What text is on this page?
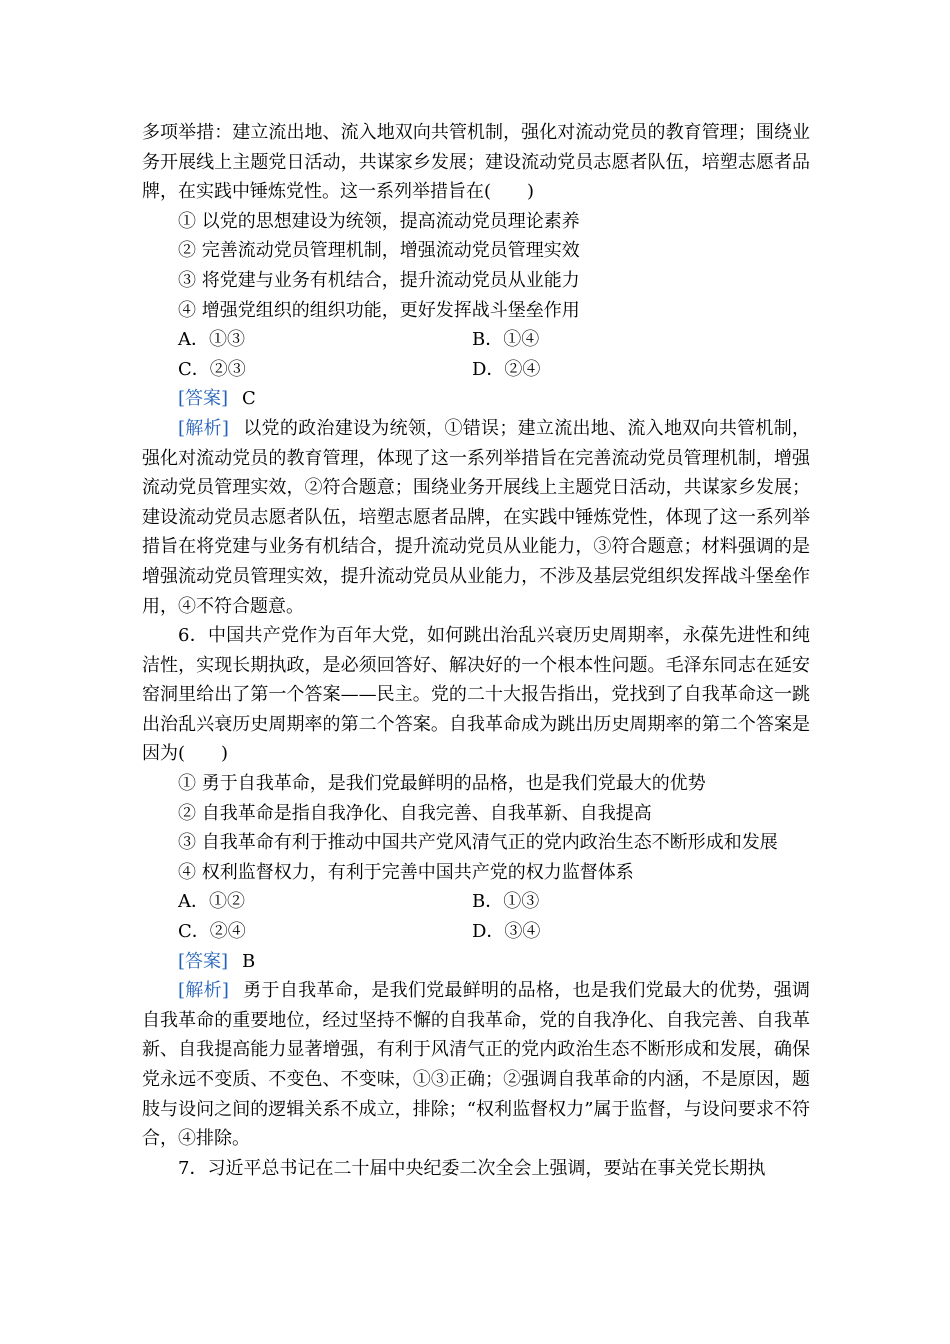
多项举措：建立流出地、流入地双向共管机制，强化对流动党员的教育管理；围绕业务开展线上主题党日活动，共谋家乡发展；建设流动党员志愿者队伍，培塑志愿者品牌，在实践中锤炼党性。这一系列举措旨在(　　)

① 以党的思想建设为统领，提高流动党员理论素养

② 完善流动党员管理机制，增强流动党员管理实效

③ 将党建与业务有机结合，提升流动党员从业能力

④ 增强党组织的组织功能，更好发挥战斗堡垒作用

A．①③	B．①④
C．②③	D．②④

[答案] C

[解析] 以党的政治建设为统领，①错误；建立流出地、流入地双向共管机制，强化对流动党员的教育管理，体现了这一系列举措旨在完善流动党员管理机制，增强流动党员管理实效，②符合题意；围绕业务开展线上主题党日活动，共谋家乡发展；建设流动党员志愿者队伍，培塑志愿者品牌，在实践中锤炼党性，体现了这一系列举措旨在将党建与业务有机结合，提升流动党员从业能力，③符合题意；材料强调的是增强流动党员管理实效，提升流动党员从业能力，不涉及基层党组织发挥战斗堡垒作用，④不符合题意。

6．中国共产党作为百年大党，如何跳出治乱兴衰历史周期率，永葆先进性和纯洁性，实现长期执政，是必须回答好、解决好的一个根本性问题。毛泽东同志在延安窑洞里给出了第一个答案——民主。党的二十大报告指出，党找到了自我革命这一跳出治乱兴衰历史周期率的第二个答案。自我革命成为跳出历史周期率的第二个答案是因为(　　)

① 勇于自我革命，是我们党最鲜明的品格，也是我们党最大的优势

② 自我革命是指自我净化、自我完善、自我革新、自我提高

③ 自我革命有利于推动中国共产党风清气正的党内政治生态不断形成和发展

④ 权利监督权力，有利于完善中国共产党的权力监督体系

A．①②	B．①③
C．②④	D．③④

[答案] B

[解析] 勇于自我革命，是我们党最鲜明的品格，也是我们党最大的优势，强调自我革命的重要地位，经过坚持不懈的自我革命，党的自我净化、自我完善、自我革新、自我提高能力显著增强，有利于风清气正的党内政治生态不断形成和发展，确保党永远不变质、不变色、不变味，①③正确；②强调自我革命的内涵，不是原因，题肢与设问之间的逻辑关系不成立，排除；“权利监督权力”属于监督，与设问要求不符合，④排除。

7．习近平总书记在二十届中央纪委二次全会上强调，要站在事关党长期执
